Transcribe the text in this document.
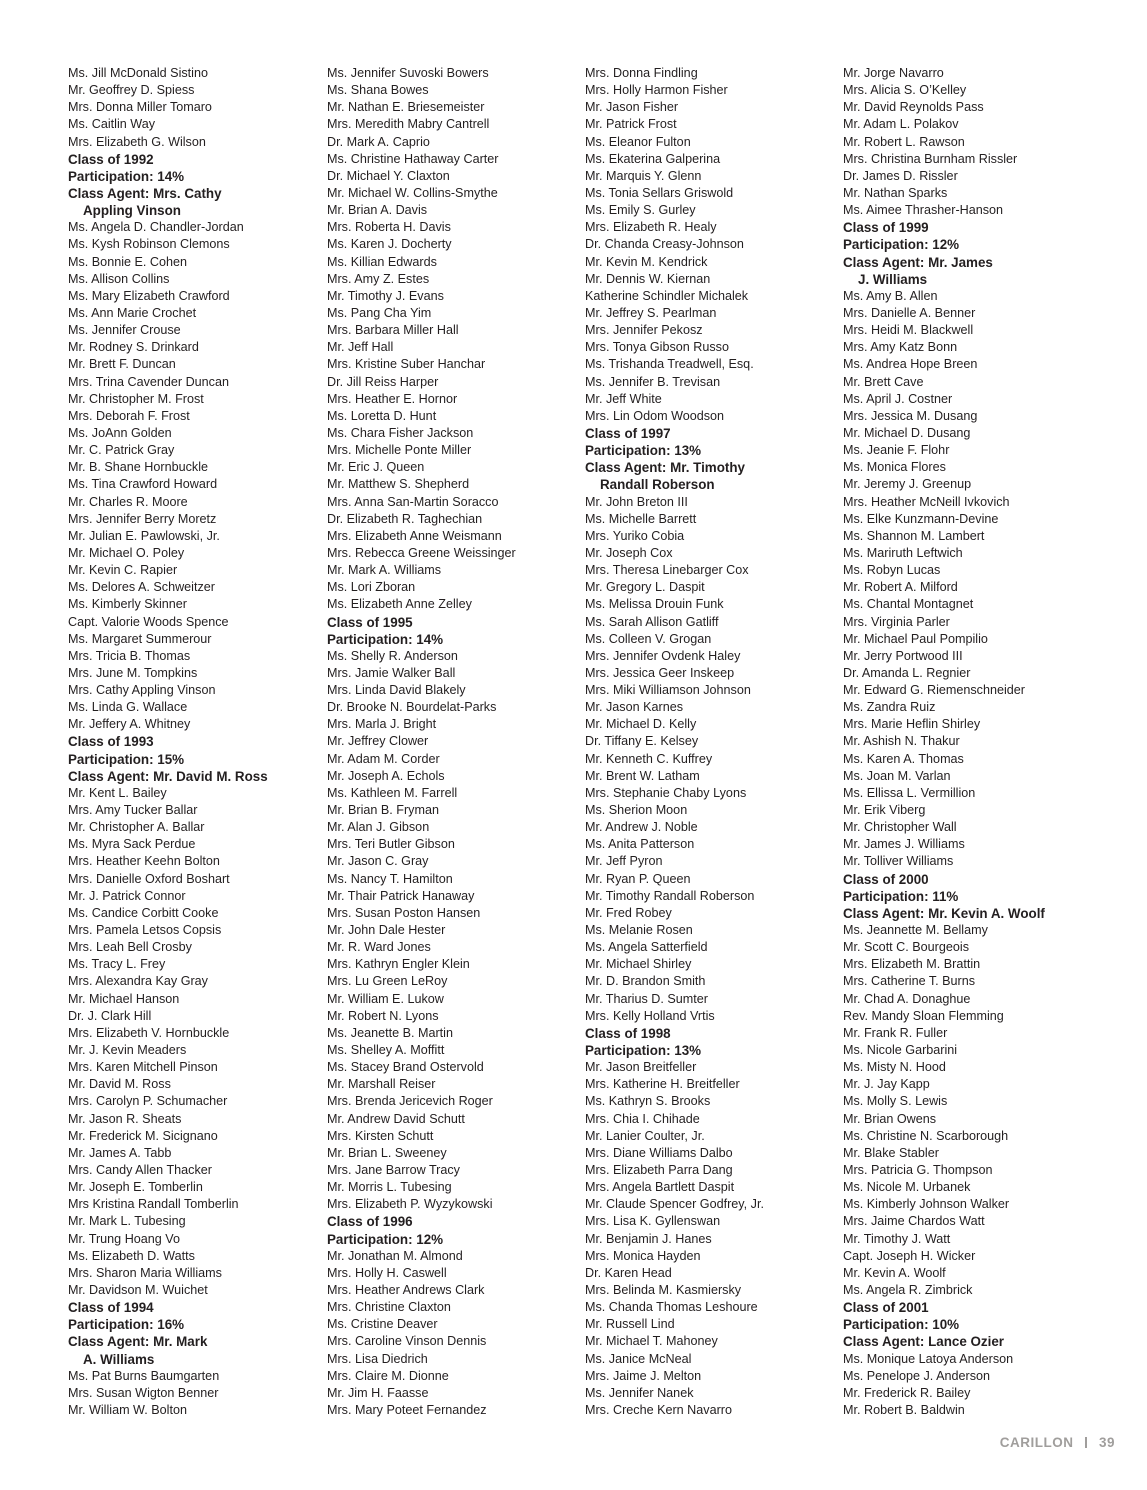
Ms. Jill McDonald Sistino
Mr. Geoffrey D. Spiess
Mrs. Donna Miller Tomaro
Ms. Caitlin Way
Mrs. Elizabeth G. Wilson
Class of 1992
Participation: 14%
Class Agent: Mrs. Cathy
Appling Vinson
Ms. Angela D. Chandler-Jordan
Ms. Kysh Robinson Clemons
Ms. Bonnie E. Cohen
Ms. Allison Collins
Ms. Mary Elizabeth Crawford
Ms. Ann Marie Crochet
Ms. Jennifer Crouse
Mr. Rodney S. Drinkard
Mr. Brett F. Duncan
Mrs. Trina Cavender Duncan
Mr. Christopher M. Frost
Mrs. Deborah F. Frost
Ms. JoAnn Golden
Mr. C. Patrick Gray
Mr. B. Shane Hornbuckle
Ms. Tina Crawford Howard
Mr. Charles R. Moore
Mrs. Jennifer Berry Moretz
Mr. Julian E. Pawlowski, Jr.
Mr. Michael O. Poley
Mr. Kevin C. Rapier
Ms. Delores A. Schweitzer
Ms. Kimberly Skinner
Capt. Valorie Woods Spence
Ms. Margaret Summerour
Mrs. Tricia B. Thomas
Mrs. June M. Tompkins
Mrs. Cathy Appling Vinson
Ms. Linda G. Wallace
Mr. Jeffery A. Whitney
Class of 1993
Participation: 15%
Class Agent: Mr. David M. Ross
Mr. Kent L. Bailey
Mrs. Amy Tucker Ballar
Mr. Christopher A. Ballar
Ms. Myra Sack Perdue
Mrs. Heather Keehn Bolton
Mrs. Danielle Oxford Boshart
Mr. J. Patrick Connor
Ms. Candice Corbitt Cooke
Mrs. Pamela Letsos Copsis
Mrs. Leah Bell Crosby
Ms. Tracy L. Frey
Mrs. Alexandra Kay Gray
Mr. Michael Hanson
Dr. J. Clark Hill
Mrs. Elizabeth V. Hornbuckle
Mr. J. Kevin Meaders
Mrs. Karen Mitchell Pinson
Mr. David M. Ross
Mrs. Carolyn P. Schumacher
Mr. Jason R. Sheats
Mr. Frederick M. Sicignano
Mr. James A. Tabb
Mrs. Candy Allen Thacker
Mr. Joseph E. Tomberlin
Mrs Kristina Randall Tomberlin
Mr. Mark L. Tubesing
Mr. Trung Hoang Vo
Ms. Elizabeth D. Watts
Mrs. Sharon Maria Williams
Mr. Davidson M. Wuichet
Class of 1994
Participation: 16%
Class Agent: Mr. Mark
A. Williams
Ms. Pat Burns Baumgarten
Mrs. Susan Wigton Benner
Mr. William W. Bolton
Ms. Jennifer Suvoski Bowers
Ms. Shana Bowes
Mr. Nathan E. Briesemeister
Mrs. Meredith Mabry Cantrell
Dr. Mark A. Caprio
Ms. Christine Hathaway Carter
Dr. Michael Y. Claxton
Mr. Michael W. Collins-Smythe
Mr. Brian A. Davis
Mrs. Roberta H. Davis
Ms. Karen J. Docherty
Ms. Killian Edwards
Mrs. Amy Z. Estes
Mr. Timothy J. Evans
Ms. Pang Cha Yim
Mrs. Barbara Miller Hall
Mr. Jeff Hall
Mrs. Kristine Suber Hanchar
Dr. Jill Reiss Harper
Mrs. Heather E. Hornor
Ms. Loretta D. Hunt
Ms. Chara Fisher Jackson
Mrs. Michelle Ponte Miller
Mr. Eric J. Queen
Mr. Matthew S. Shepherd
Mrs. Anna San-Martin Soracco
Dr. Elizabeth R. Taghechian
Mrs. Elizabeth Anne Weismann
Mrs. Rebecca Greene Weissinger
Mr. Mark A. Williams
Ms. Lori Zboran
Ms. Elizabeth Anne Zelley
Class of 1995
Participation: 14%
Ms. Shelly R. Anderson
Mrs. Jamie Walker Ball
Mrs. Linda David Blakely
Dr. Brooke N. Bourdelat-Parks
Mrs. Marla J. Bright
Mr. Jeffrey Clower
Mr. Adam M. Corder
Mr. Joseph A. Echols
Ms. Kathleen M. Farrell
Mr. Brian B. Fryman
Mr. Alan J. Gibson
Mrs. Teri Butler Gibson
Mr. Jason C. Gray
Ms. Nancy T. Hamilton
Mr. Thair Patrick Hanaway
Mrs. Susan Poston Hansen
Mr. John Dale Hester
Mr. R. Ward Jones
Mrs. Kathryn Engler Klein
Mrs. Lu Green LeRoy
Mr. William E. Lukow
Mr. Robert N. Lyons
Ms. Jeanette B. Martin
Ms. Shelley A. Moffitt
Ms. Stacey Brand Ostervold
Mr. Marshall Reiser
Mrs. Brenda Jericevich Roger
Mr. Andrew David Schutt
Mrs. Kirsten Schutt
Mr. Brian L. Sweeney
Mrs. Jane Barrow Tracy
Mr. Morris L. Tubesing
Mrs. Elizabeth P. Wyzykowski
Class of 1996
Participation: 12%
Mr. Jonathan M. Almond
Mrs. Holly H. Caswell
Mrs. Heather Andrews Clark
Mrs. Christine Claxton
Ms. Cristine Deaver
Mrs. Caroline Vinson Dennis
Mrs. Lisa Diedrich
Mrs. Claire M. Dionne
Mr. Jim H. Faasse
Mrs. Mary Poteet Fernandez
Mrs. Donna Findling
Mrs. Holly Harmon Fisher
Mr. Jason Fisher
Mr. Patrick Frost
Ms. Eleanor Fulton
Ms. Ekaterina Galperina
Mr. Marquis Y. Glenn
Ms. Tonia Sellars Griswold
Ms. Emily S. Gurley
Mrs. Elizabeth R. Healy
Dr. Chanda Creasy-Johnson
Mr. Kevin M. Kendrick
Mr. Dennis W. Kiernan
Katherine Schindler Michalek
Mr. Jeffrey S. Pearlman
Mrs. Jennifer Pekosz
Mrs. Tonya Gibson Russo
Ms. Trishanda Treadwell, Esq.
Ms. Jennifer B. Trevisan
Mr. Jeff White
Mrs. Lin Odom Woodson
Class of 1997
Participation: 13%
Class Agent: Mr. Timothy
Randall Roberson
Mr. John Breton III
Ms. Michelle Barrett
Mrs. Yuriko Cobia
Mr. Joseph Cox
Mrs. Theresa Linebarger Cox
Mr. Gregory L. Daspit
Ms. Melissa Drouin Funk
Ms. Sarah Allison Gatliff
Ms. Colleen V. Grogan
Mrs. Jennifer Ovdenk Haley
Mrs. Jessica Geer Inskeep
Mrs. Miki Williamson Johnson
Mr. Jason Karnes
Mr. Michael D. Kelly
Dr. Tiffany E. Kelsey
Mr. Kenneth C. Kuffrey
Mr. Brent W. Latham
Mrs. Stephanie Chaby Lyons
Ms. Sherion Moon
Mr. Andrew J. Noble
Ms. Anita Patterson
Mr. Jeff Pyron
Mr. Ryan P. Queen
Mr. Timothy Randall Roberson
Mr. Fred Robey
Ms. Melanie Rosen
Ms. Angela Satterfield
Mr. Michael Shirley
Mr. D. Brandon Smith
Mr. Tharius D. Sumter
Mrs. Kelly Holland Vrtis
Class of 1998
Participation: 13%
Mr. Jason Breitfeller
Mrs. Katherine H. Breitfeller
Ms. Kathryn S. Brooks
Mrs. Chia I. Chihade
Mr. Lanier Coulter, Jr.
Mrs. Diane Williams Dalbo
Mrs. Elizabeth Parra Dang
Mrs. Angela Bartlett Daspit
Mr. Claude Spencer Godfrey, Jr.
Mrs. Lisa K. Gyllenswan
Mr. Benjamin J. Hanes
Mrs. Monica Hayden
Dr. Karen Head
Mrs. Belinda M. Kasmiersky
Ms. Chanda Thomas Leshoure
Mr. Russell Lind
Mr. Michael T. Mahoney
Ms. Janice McNeal
Mrs. Jaime J. Melton
Ms. Jennifer Nanek
Mrs. Creche Kern Navarro
Mr. Jorge Navarro
Mrs. Alicia S. O’Kelley
Mr. David Reynolds Pass
Mr. Adam L. Polakov
Mr. Robert L. Rawson
Mrs. Christina Burnham Rissler
Dr. James D. Rissler
Mr. Nathan Sparks
Ms. Aimee Thrasher-Hanson
Class of 1999
Participation: 12%
Class Agent: Mr. James
J. Williams
Ms. Amy B. Allen
Mrs. Danielle A. Benner
Mrs. Heidi M. Blackwell
Mrs. Amy Katz Bonn
Ms. Andrea Hope Breen
Mr. Brett Cave
Ms. April J. Costner
Mrs. Jessica M. Dusang
Mr. Michael D. Dusang
Ms. Jeanie F. Flohr
Ms. Monica Flores
Mr. Jeremy J. Greenup
Mrs. Heather McNeill Ivkovich
Ms. Elke Kunzmann-Devine
Ms. Shannon M. Lambert
Ms. Mariruth Leftwich
Ms. Robyn Lucas
Mr. Robert A. Milford
Ms. Chantal Montagnet
Mrs. Virginia Parler
Mr. Michael Paul Pompilio
Mr. Jerry Portwood III
Dr. Amanda L. Regnier
Mr. Edward G. Riemenschneider
Ms. Zandra Ruiz
Mrs. Marie Heflin Shirley
Mr. Ashish N. Thakur
Ms. Karen A. Thomas
Ms. Joan M. Varlan
Ms. Ellissa L. Vermillion
Mr. Erik Viberg
Mr. Christopher Wall
Mr. James J. Williams
Mr. Tolliver Williams
Class of 2000
Participation: 11%
Class Agent: Mr. Kevin A. Woolf
Ms. Jeannette M. Bellamy
Mr. Scott C. Bourgeois
Mrs. Elizabeth M. Brattin
Mrs. Catherine T. Burns
Mr. Chad A. Donaghue
Rev. Mandy Sloan Flemming
Mr. Frank R. Fuller
Ms. Nicole Garbarini
Ms. Misty N. Hood
Mr. J. Jay Kapp
Ms. Molly S. Lewis
Mr. Brian Owens
Ms. Christine N. Scarborough
Mr. Blake Stabler
Mrs. Patricia G. Thompson
Ms. Nicole M. Urbanek
Ms. Kimberly Johnson Walker
Mrs. Jaime Chardos Watt
Mr. Timothy J. Watt
Capt. Joseph H. Wicker
Mr. Kevin A. Woolf
Ms. Angela R. Zimbrick
Class of 2001
Participation: 10%
Class Agent: Lance Ozier
Ms. Monique Latoya Anderson
Ms. Penelope J. Anderson
Mr. Frederick R. Bailey
Mr. Robert B. Baldwin
CARILLON 39
